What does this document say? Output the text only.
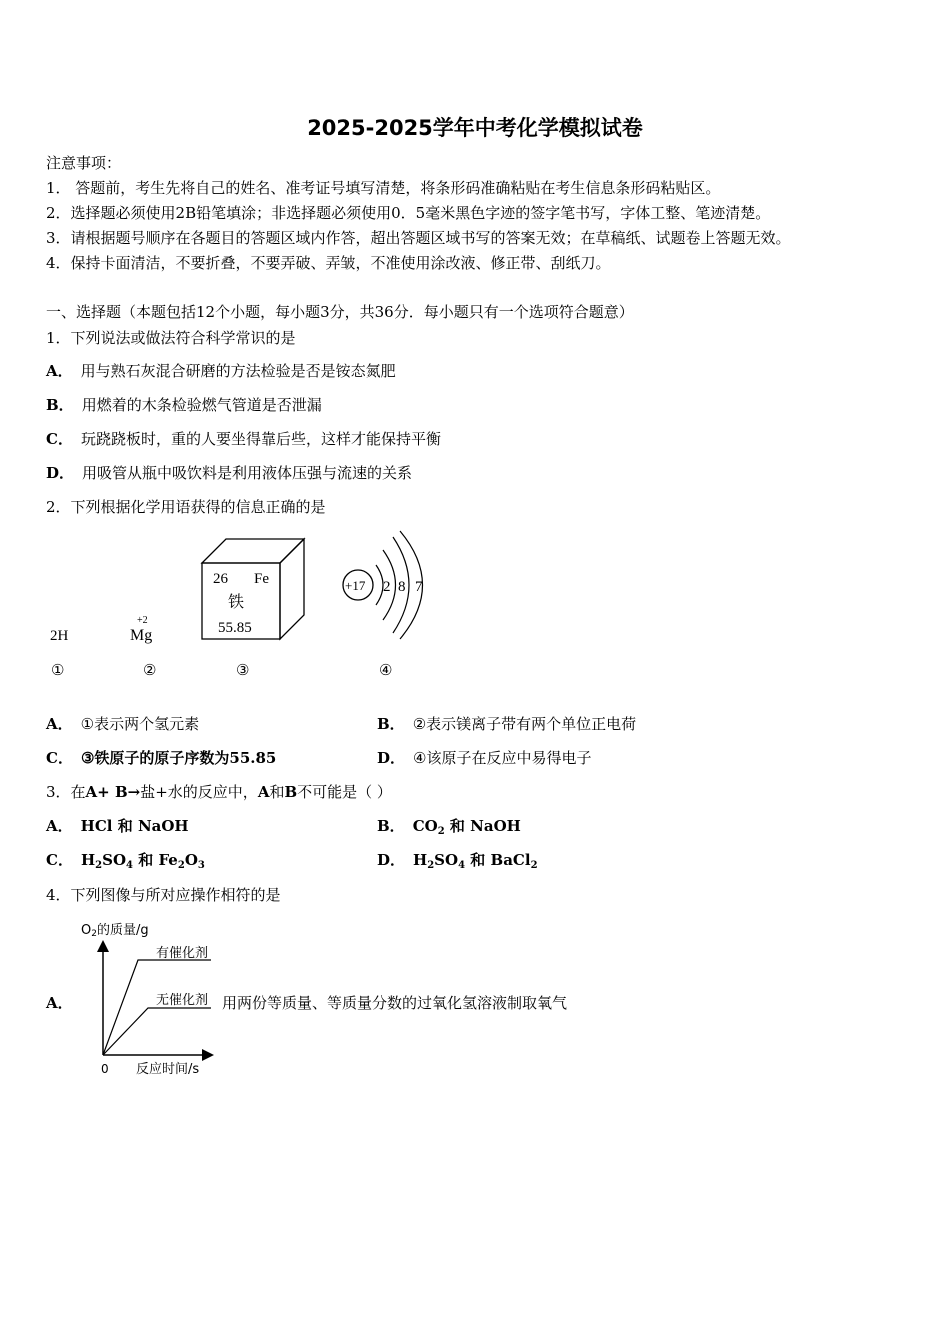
2025-2025学年中考化学模拟试卷
注意事项：
1． 答题前，考生先将自己的姓名、准考证号填写清楚，将条形码准确粘贴在考生信息条形码粘贴区。
2．选择题必须使用2B铅笔填涂；非选择题必须使用0．5毫米黑色字迹的签字笔书写，字体工整、笔迹清楚。
3．请根据题号顺序在各题目的答题区域内作答，超出答题区域书写的答案无效；在草稿纸、试题卷上答题无效。
4．保持卡面清洁，不要折叠，不要弄破、弄皱，不准使用涂改液、修正带、刮纸刀。
一、选择题（本题包括12个小题，每小题3分，共36分．每小题只有一个选项符合题意）
1．下列说法或做法符合科学常识的是
A． 用与熟石灰混合研磨的方法检验是否是铵态氮肥
B． 用燃着的木条检验燃气管道是否泄漏
C． 玩跷跷板时，重的人要坐得靠后些，这样才能保持平衡
D． 用吸管从瓶中吸饮料是利用液体压强与流速的关系
2．下列根据化学用语获得的信息正确的是
2H
+2
Mg
26 Fe
铁
55.85
+17 2 8 7
①	②	③	④
A． ①表示两个氢元素	B． ②表示镁离子带有两个单位正电荷
C． ③铁原子的原子序数为55.85	D． ④该原子在反应中易得电子
3．在A+ B→盐+水的反应中，A和B不可能是（ ）
A． HCl 和 NaOH	B． $CO_2$ 和 NaOH
C． $H_2SO_4$ 和 $Fe_2O_3$	D． $H_2SO_4$ 和 BaCl$_2$
4．下列图像与所对应操作相符的是
A．
O2的质量/g
有催化剂
无催化剂
0 反应时间/s
用两份等质量、等质量分数的过氧化氢溶液制取氧气
